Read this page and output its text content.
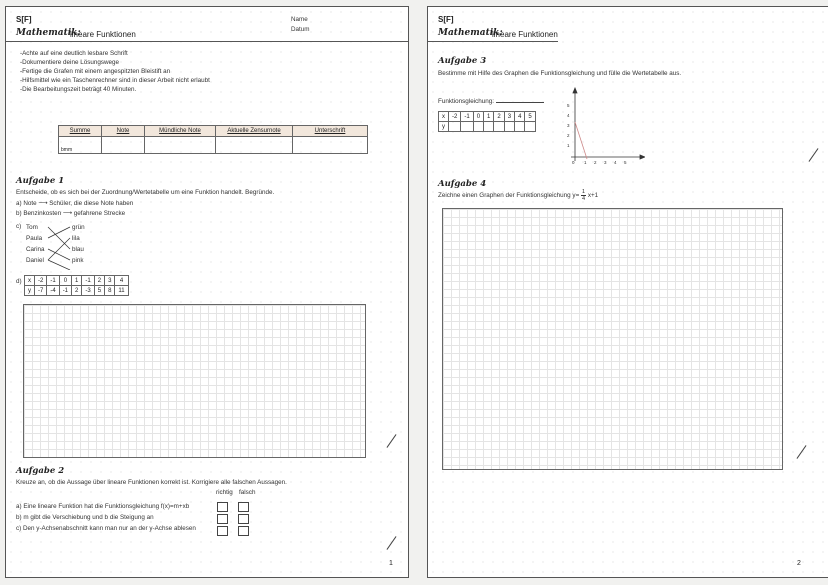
S[F]
Mathematik:
lineare Funktionen
Name
Datum
-Achte auf eine deutlich lesbare Schrift
-Dokumentiere deine Lösungswege
-Fertige die Grafen mit einem angespitzten Bleistift an
-Hilfsmittel wie ein Taschenrechner sind in dieser Arbeit nicht erlaubt
-Die Bearbeitungszeit beträgt 40 Minuten.
Summe	Note	Mündliche Note	Aktuelle Zensurnote	Unterschrift
bmm				
Aufgabe 1
Entscheide, ob es sich bei der Zuordnung/Wertetabelle um eine Funktion handelt. Begründe.
a) Note ⟶ Schüler, die diese Note haben
b) Benzinkosten ⟶ gefahrene Strecke
c) Tom
Paula
Carina
Daniel
grün
lila
blau
pink
d) x	-2	-1	0	1	-1	2	3	4
y	-7	-4	-1	2	-3	5	8	11
Aufgabe 2
Kreuze an, ob die Aussage über lineare Funktionen korrekt ist. Korrigiere alle falschen Aussagen.
richtig falsch
a) Eine lineare Funktion hat die Funktionsgleichung f(x)=m+xb
b) m gibt die Verschiebung und b die Steigung an
c) Den y-Achsenabschnitt kann man nur an der y-Achse ablesen
1
S[F]
Mathematik:
lineare Funktionen
Aufgabe 3
Bestimme mit Hilfe des Graphen die Funktionsgleichung und fülle die Wertetabelle aus.
Funktionsgleichung:
x	-2	-1	0	1	2	3	4	5
y								
5
4
3
2
1
0 1 2 3 4 5
Aufgabe 4
Zeichne einen Graphen der Funktionsgleichung $y= \frac{1}{4} x+1$
2
